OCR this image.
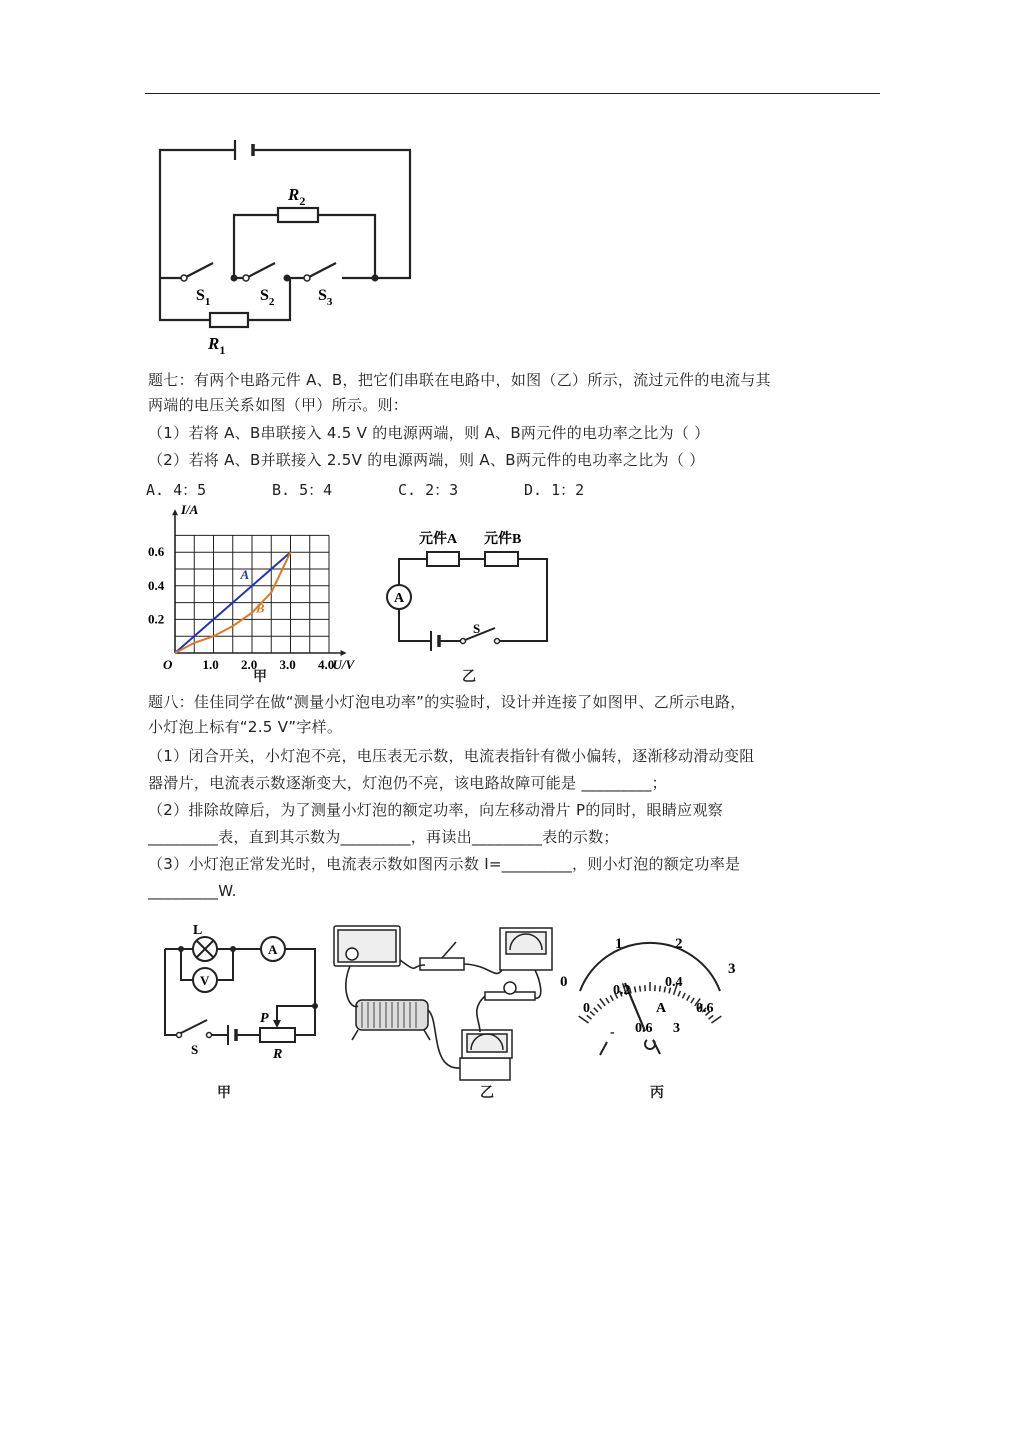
$R_2$
$R_1$
$S_1$	$S_2$	$S_3$
题七：有两个电路元件 A、B，把它们串联在电路中，如图（乙）所示，流过元件的电流与其
两端的电压关系如图（甲）所示。则：
（1）若将 A、B串联接入 4.5 V 的电源两端，则 A、B两元件的电功率之比为（ ）
（2）若将 A、B并联接入 2.5V 的电源两端，则 A、B两元件的电功率之比为（ ）
A. 4：5	B. 5：4	C. 2：3	D. 1：2
A
B
1.0 2.0 3.0 4.0
0.2
0.4
0.6
O	U/V
I/A
元件A 元件B
A
S
甲	乙
题八：佳佳同学在做“测量小灯泡电功率”的实验时，设计并连接了如图甲、乙所示电路，
小灯泡上标有“2.5 V”字样。
（1）闭合开关，小灯泡不亮，电压表无示数，电流表指针有微小偏转，逐渐移动滑动变阻
器滑片，电流表示数逐渐变大，灯泡仍不亮，该电路故障可能是 _________；
（2）排除故障后，为了测量小灯泡的额定功率，向左移动滑片 P的同时，眼睛应观察
_________表，直到其示数为_________，再读出_________表的示数；
（3）小灯泡正常发光时，电流表示数如图丙示数 I=_________，则小灯泡的额定功率是
_________W.
L
V
A
P
R
S
0
1	2
3
0
0.2
0.4
0.6
A
- 0.6 3
甲	乙	丙
